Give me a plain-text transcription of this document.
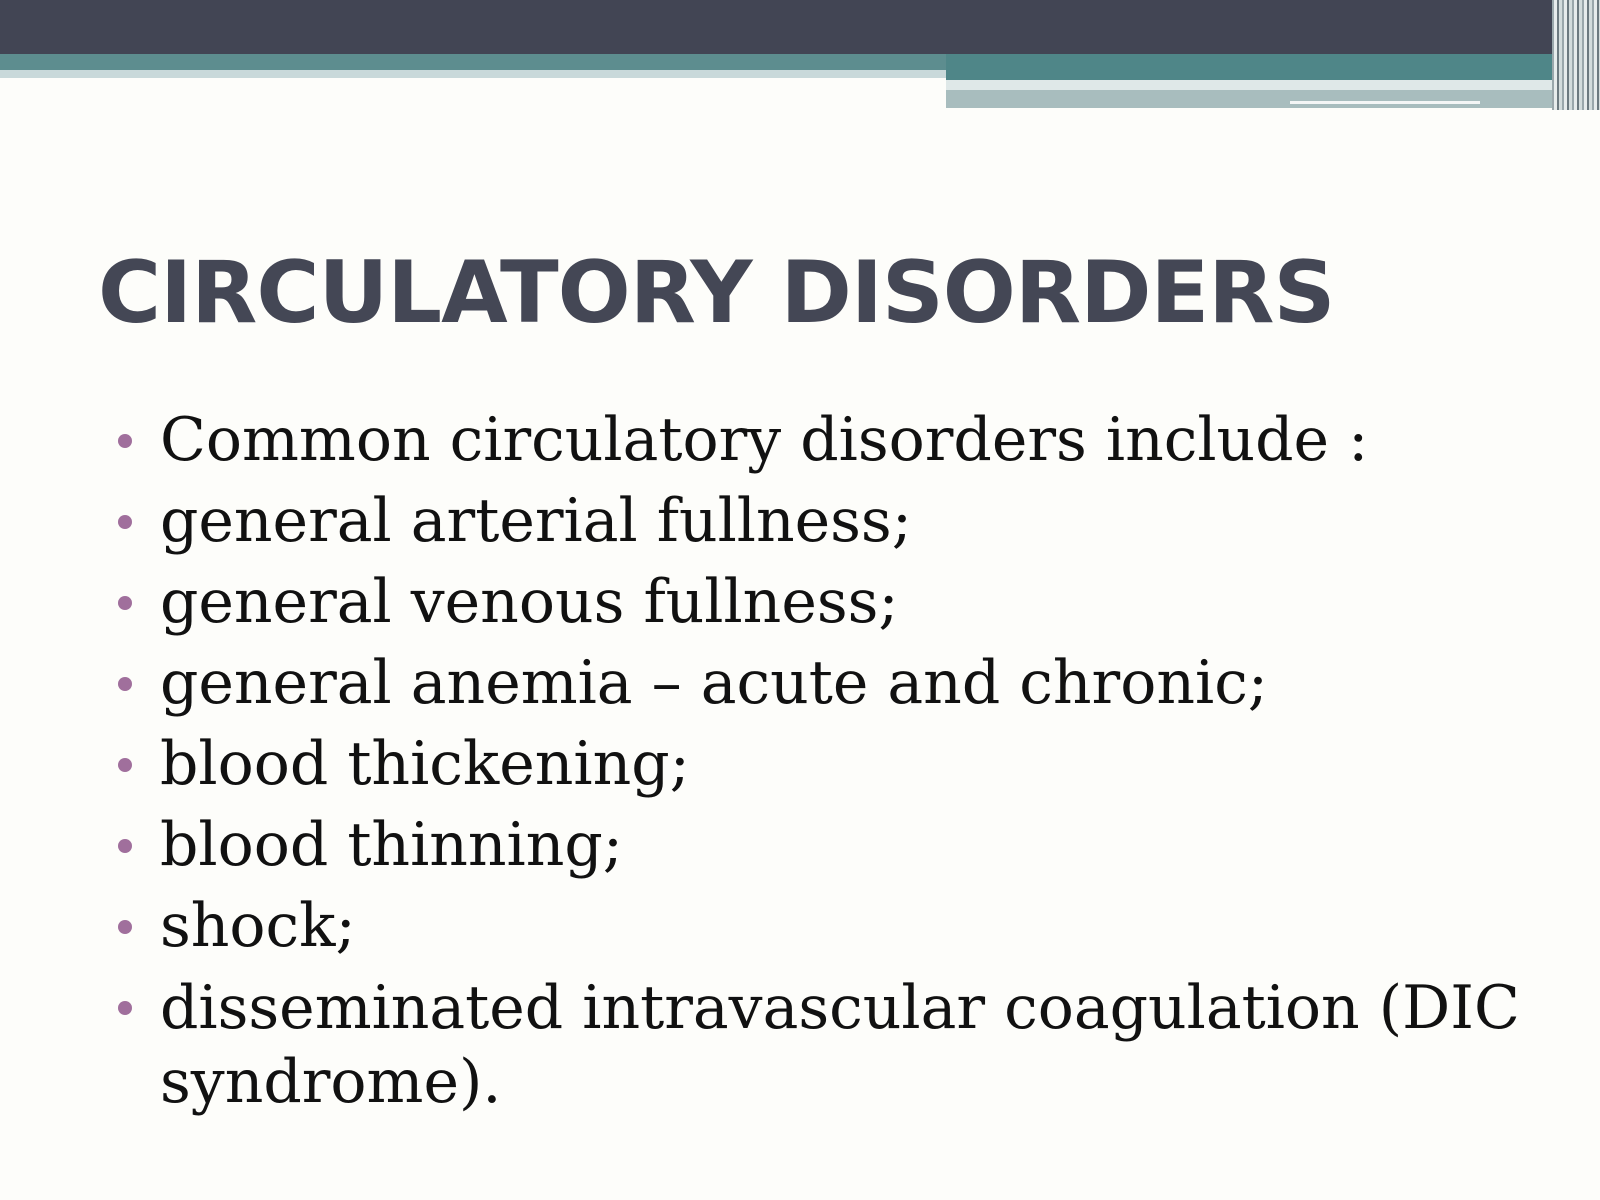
CIRCULATORY DISORDERS
Common circulatory disorders include :
general arterial fullness;
general venous fullness;
general anemia – acute and chronic;
blood thickening;
blood thinning;
shock;
disseminated intravascular coagulation (DIC syndrome).
